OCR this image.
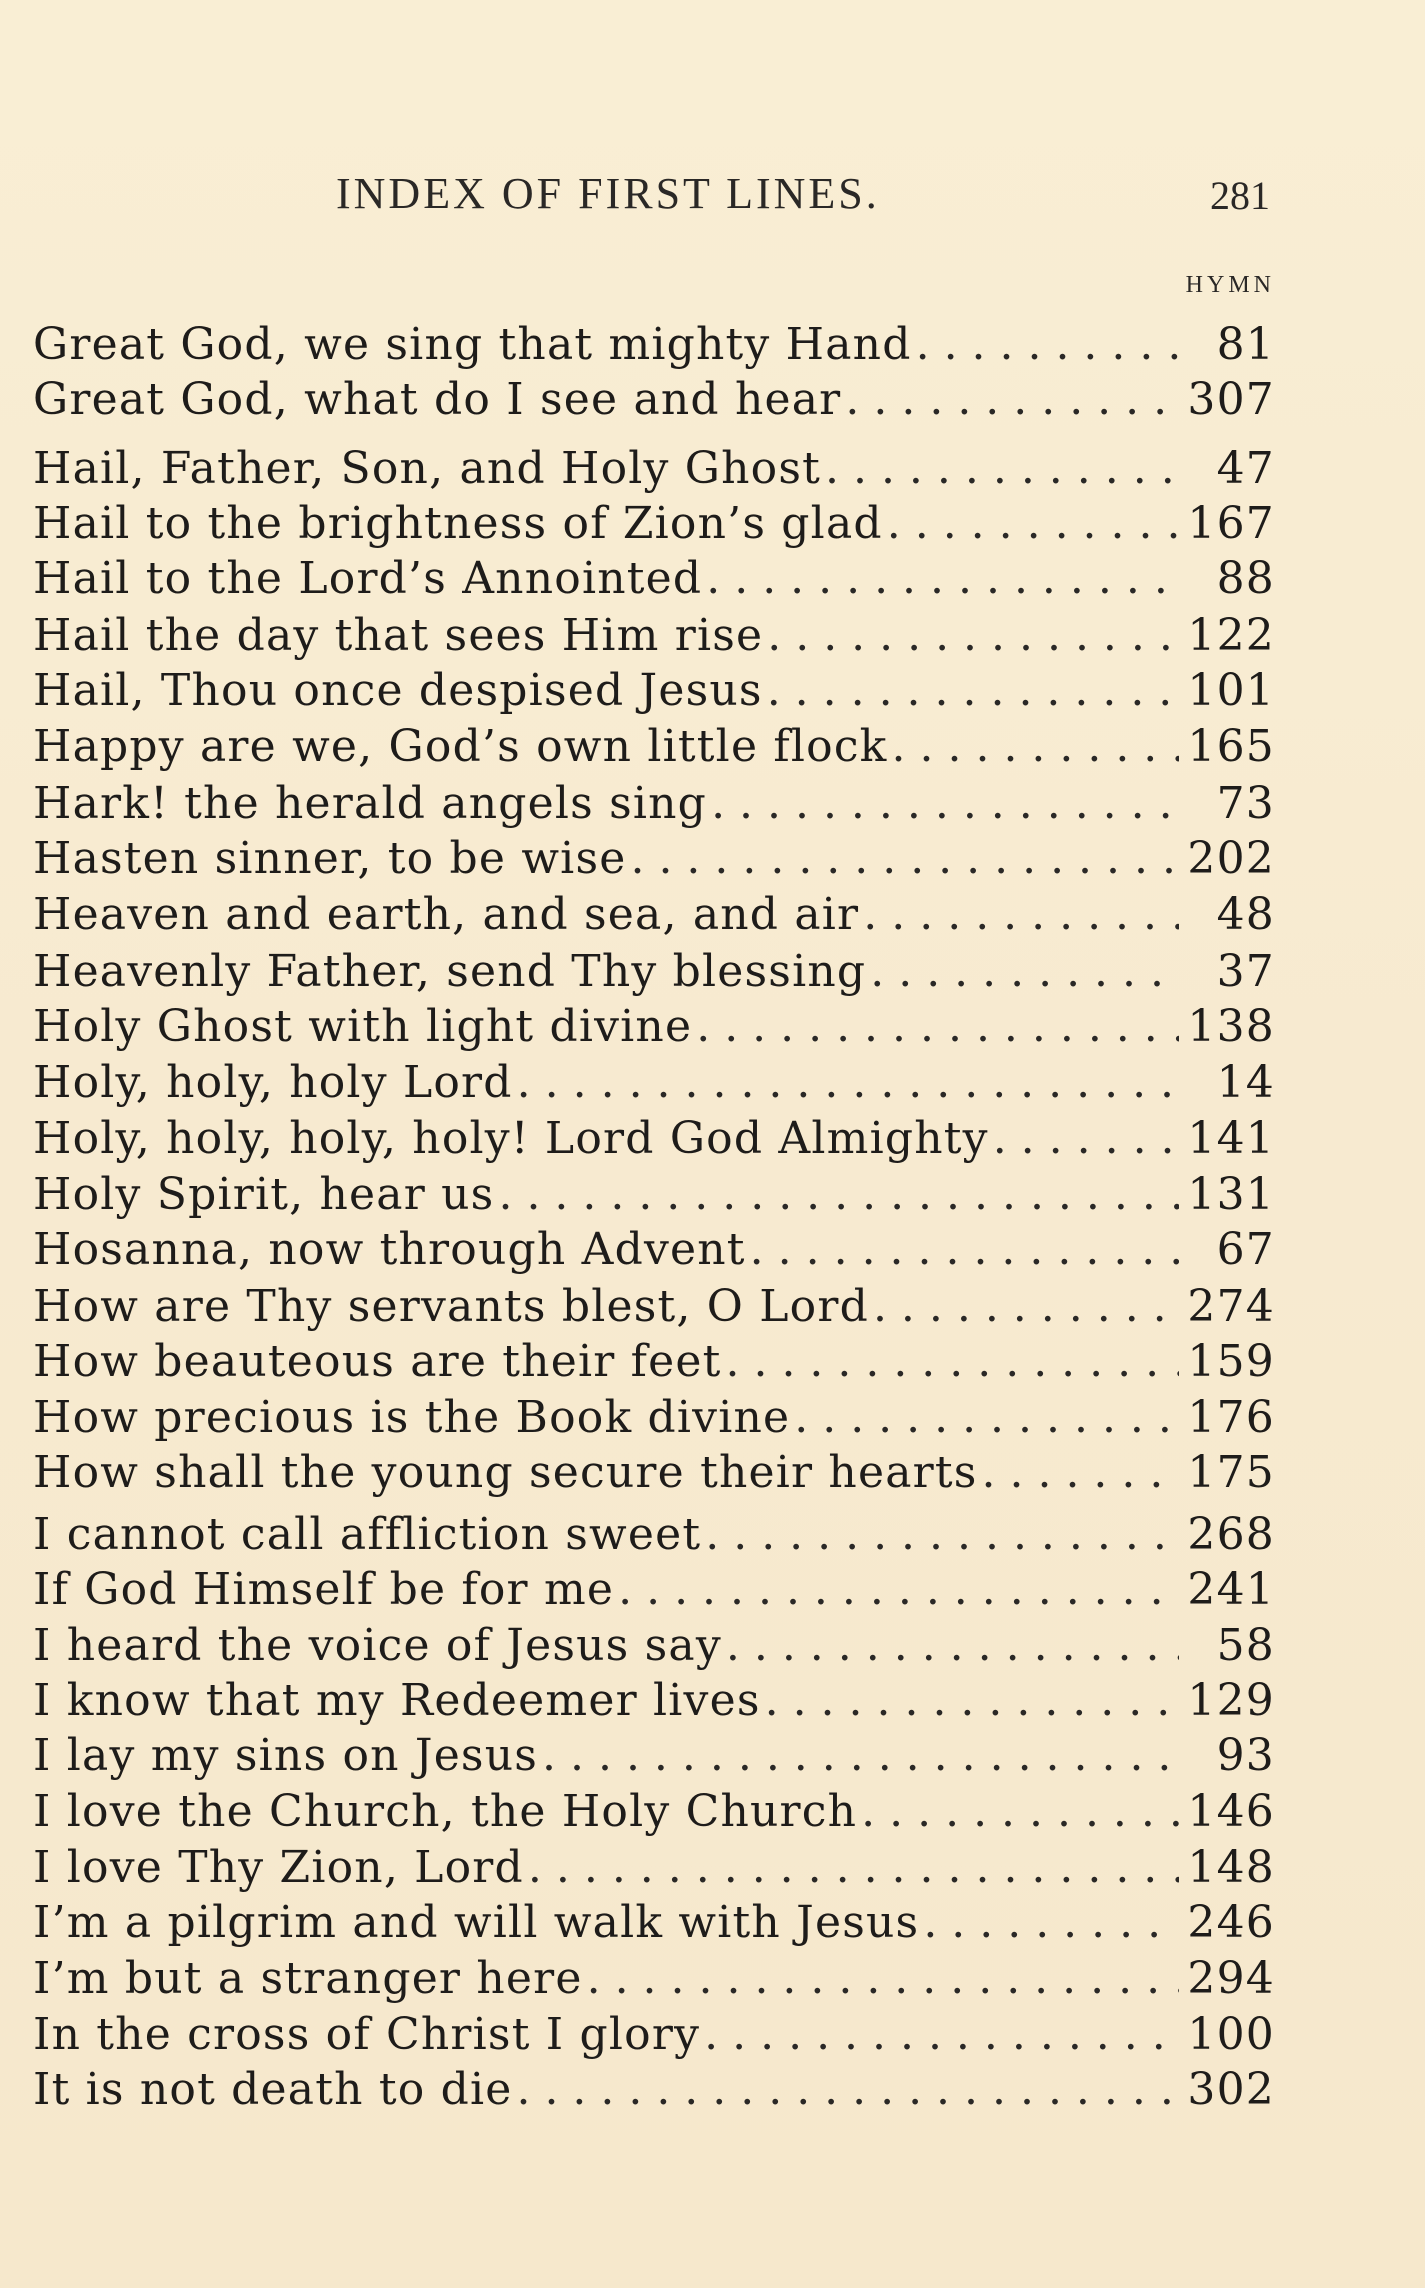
INDEX OF FIRST LINES.	281
HYMN
Great God, we sing that mighty Hand . . .	81
Great God, what do I see and hear . . .	307
Hail, Father, Son, and Holy Ghost . . .	47
Hail to the brightness of Zion’s glad . . .	167
Hail to the Lord’s Annointed . . .	88
Hail the day that sees Him rise . . .	122
Hail, Thou once despised Jesus . . .	101
Happy are we, God’s own little flock . . .	165
Hark! the herald angels sing . . .	73
Hasten sinner, to be wise . . .	202
Heaven and earth, and sea, and air . . .	48
Heavenly Father, send Thy blessing . . .	37
Holy Ghost with light divine . . .	138
Holy, holy, holy Lord . . .	14
Holy, holy, holy, holy! Lord God Almighty . . .	141
Holy Spirit, hear us . . .	131
Hosanna, now through Advent . . .	67
How are Thy servants blest, O Lord . . .	274
How beauteous are their feet . . .	159
How precious is the Book divine . . .	176
How shall the young secure their hearts . . .	175
I cannot call affliction sweet . . .	268
If God Himself be for me . . .	241
I heard the voice of Jesus say . . .	58
I know that my Redeemer lives . . .	129
I lay my sins on Jesus . . .	93
I love the Church, the Holy Church . . .	146
I love Thy Zion, Lord . . .	148
I’m a pilgrim and will walk with Jesus . . .	246
I’m but a stranger here . . .	294
In the cross of Christ I glory . . .	100
It is not death to die . . .	302
